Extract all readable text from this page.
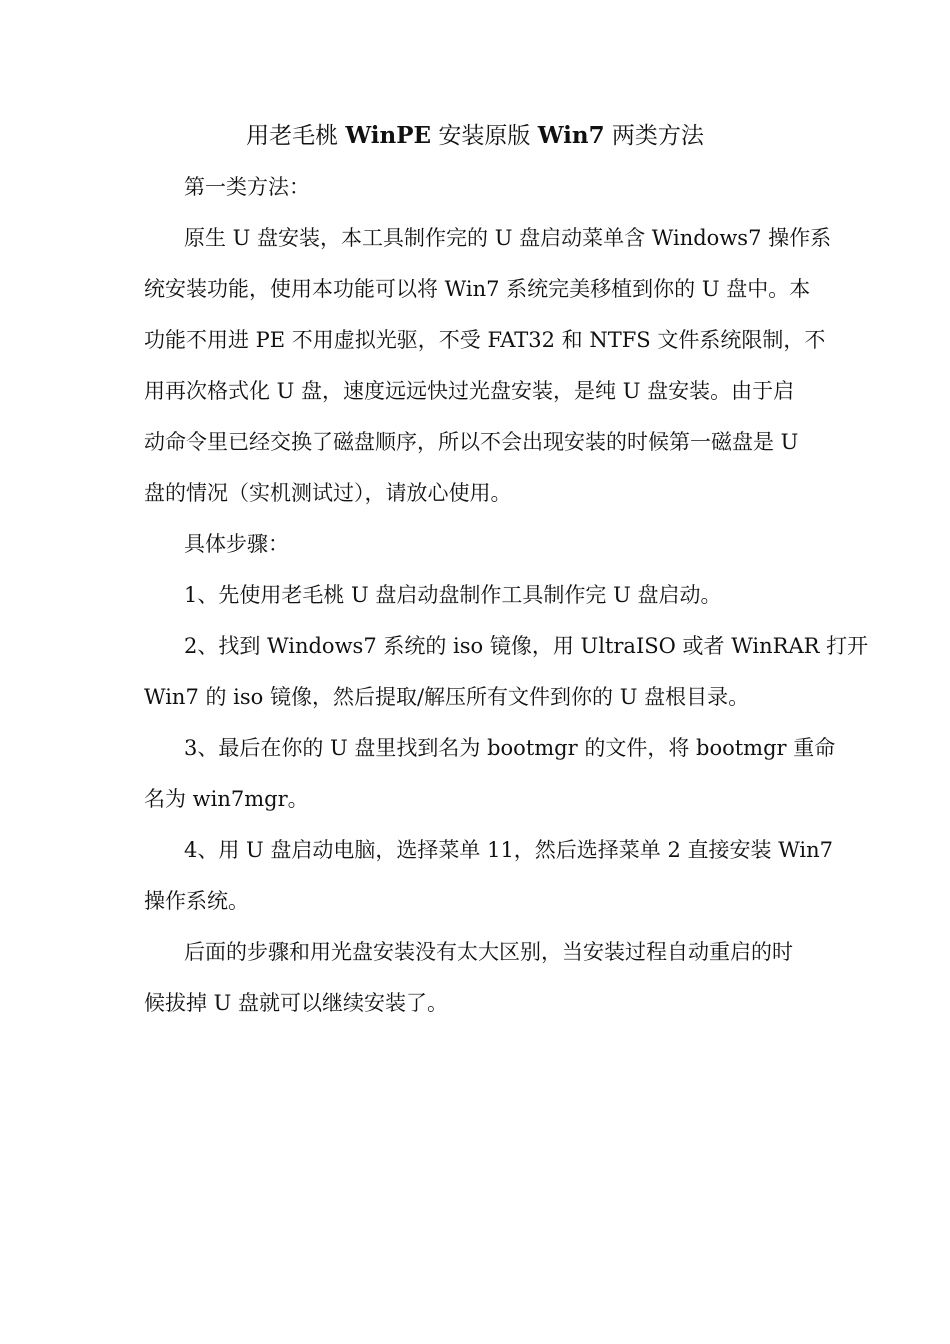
用老毛桃 WinPE 安装原版 Win7 两类方法
第一类方法：
原生 U 盘安装，本工具制作完的 U 盘启动菜单含 Windows7 操作系
统安装功能，使用本功能可以将 Win7 系统完美移植到你的 U 盘中。本
功能不用进 PE 不用虚拟光驱，不受 FAT32 和 NTFS 文件系统限制，不
用再次格式化 U 盘，速度远远快过光盘安装，是纯 U 盘安装。由于启
动命令里已经交换了磁盘顺序，所以不会出现安装的时候第一磁盘是 U
盘的情况（实机测试过），请放心使用。
具体步骤：
1、先使用老毛桃 U 盘启动盘制作工具制作完 U 盘启动。
2、找到 Windows7 系统的 iso 镜像，用 UltraISO 或者 WinRAR 打开
Win7 的 iso 镜像，然后提取/解压所有文件到你的 U 盘根目录。
3、最后在你的 U 盘里找到名为 bootmgr 的文件，将 bootmgr 重命
名为 win7mgr。
4、用 U 盘启动电脑，选择菜单 11，然后选择菜单 2 直接安装 Win7
操作系统。
后面的步骤和用光盘安装没有太大区别，当安装过程自动重启的时
候拔掉 U 盘就可以继续安装了。
